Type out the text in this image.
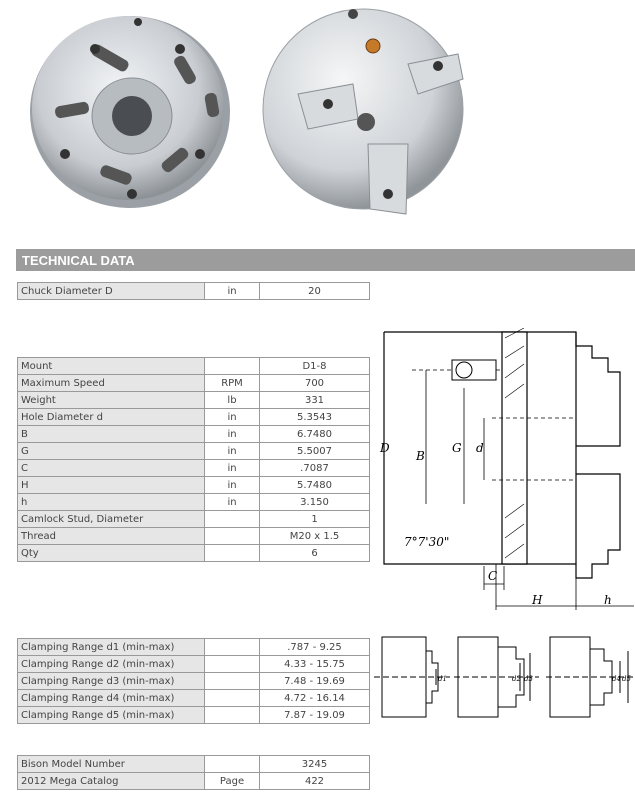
TECHNICAL DATA
Chuck Diameter D	in	20
Mount		D1-8
Maximum Speed	RPM	700
Weight	lb	331
Hole Diameter d	in	5.3543
B	in	6.7480
G	in	5.5007
C	in	.7087
H	in	5.7480
h	in	3.150
Camlock Stud, Diameter		1
Thread		M20 x 1.5
Qty		6
Clamping Range d1 (min-max)		.787 - 9.25
Clamping Range d2 (min-max)		4.33 - 15.75
Clamping Range d3 (min-max)		7.48 - 19.69
Clamping Range d4 (min-max)		4.72 - 16.14
Clamping Range d5 (min-max)		7.87 - 19.09
Bison Model Number		3245
2012 Mega Catalog	Page	422
D
B
G d
C
H	h
7°7'30"
d1	d2 d3	d4 d5
